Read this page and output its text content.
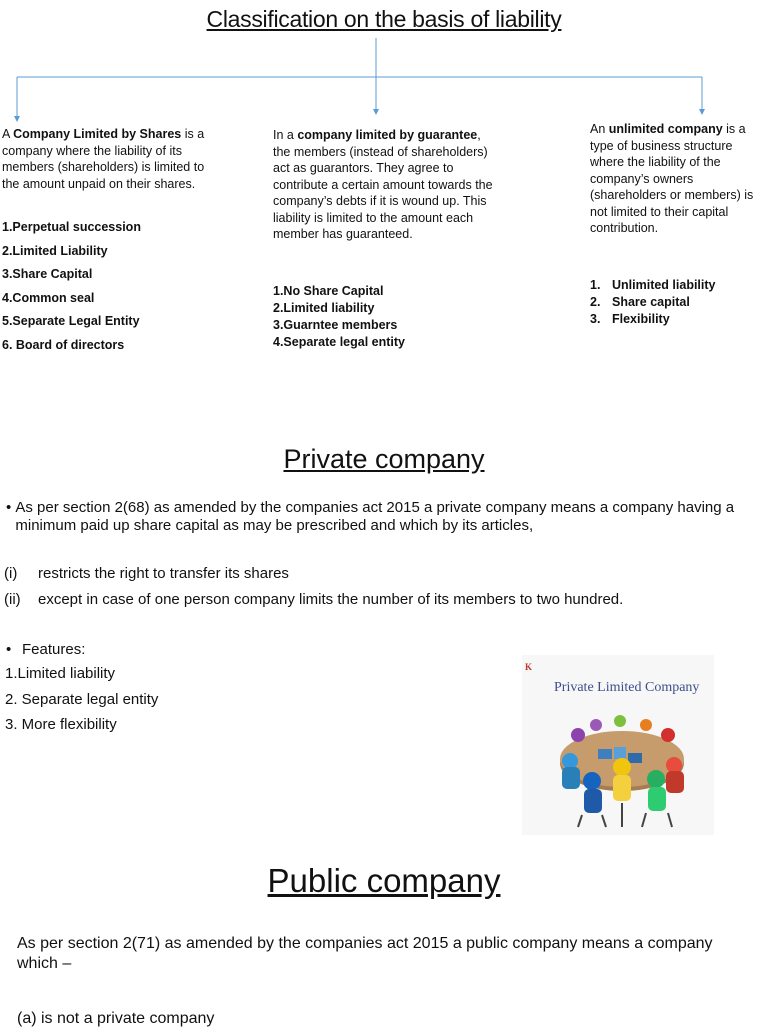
Classification on the basis of liability

A Company Limited by Shares is a company where the liability of its members (shareholders) is limited to the amount unpaid on their shares.

1.Perpetual succession
2.Limited Liability
3.Share Capital
4.Common seal
5.Separate Legal Entity
6. Board of directors

In a company limited by guarantee, the members (instead of shareholders) act as guarantors. They agree to contribute a certain amount towards the company’s debts if it is wound up. This liability is limited to the amount each member has guaranteed.

1.No Share Capital
2.Limited liability
3.Guarntee members
4.Separate legal entity

An unlimited company is a type of business structure where the liability of the company’s owners (shareholders or members) is not limited to their capital contribution.

1. Unlimited liability
2. Share capital
3. Flexibility
Private company
• As per section 2(68) as amended by the companies act 2015 a private company means a company having a minimum paid up share capital as may be prescribed and which by its articles,
(i)	restricts the right to transfer its shares
(ii)	except in case of one person company limits the number of its members to two hundred.
• Features:
1.Limited liability
2. Separate legal entity
3. More flexibility
K
Private Limited Company
Public company
As per section 2(71) as amended by the companies act 2015 a public company means a company which –
(a) is not a private company
